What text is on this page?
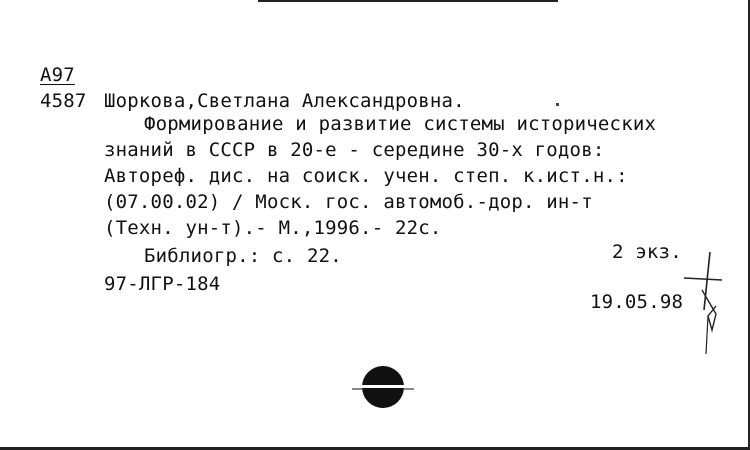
А97
4587 Шоркова,Светлана Александровна.
Формирование и развитие системы исторических
знаний в СССР в 20-е - середине 30-х годов:
Автореф. дис. на соиск. учен. степ. к.ист.н.:
(07.00.02) / Моск. гос. автомоб.-дор. ин-т
(Техн. ун-т).- М.,1996.- 22с.
Библиогр.: с. 22.	2 экз.
97-ЛГР-184
19.05.98
